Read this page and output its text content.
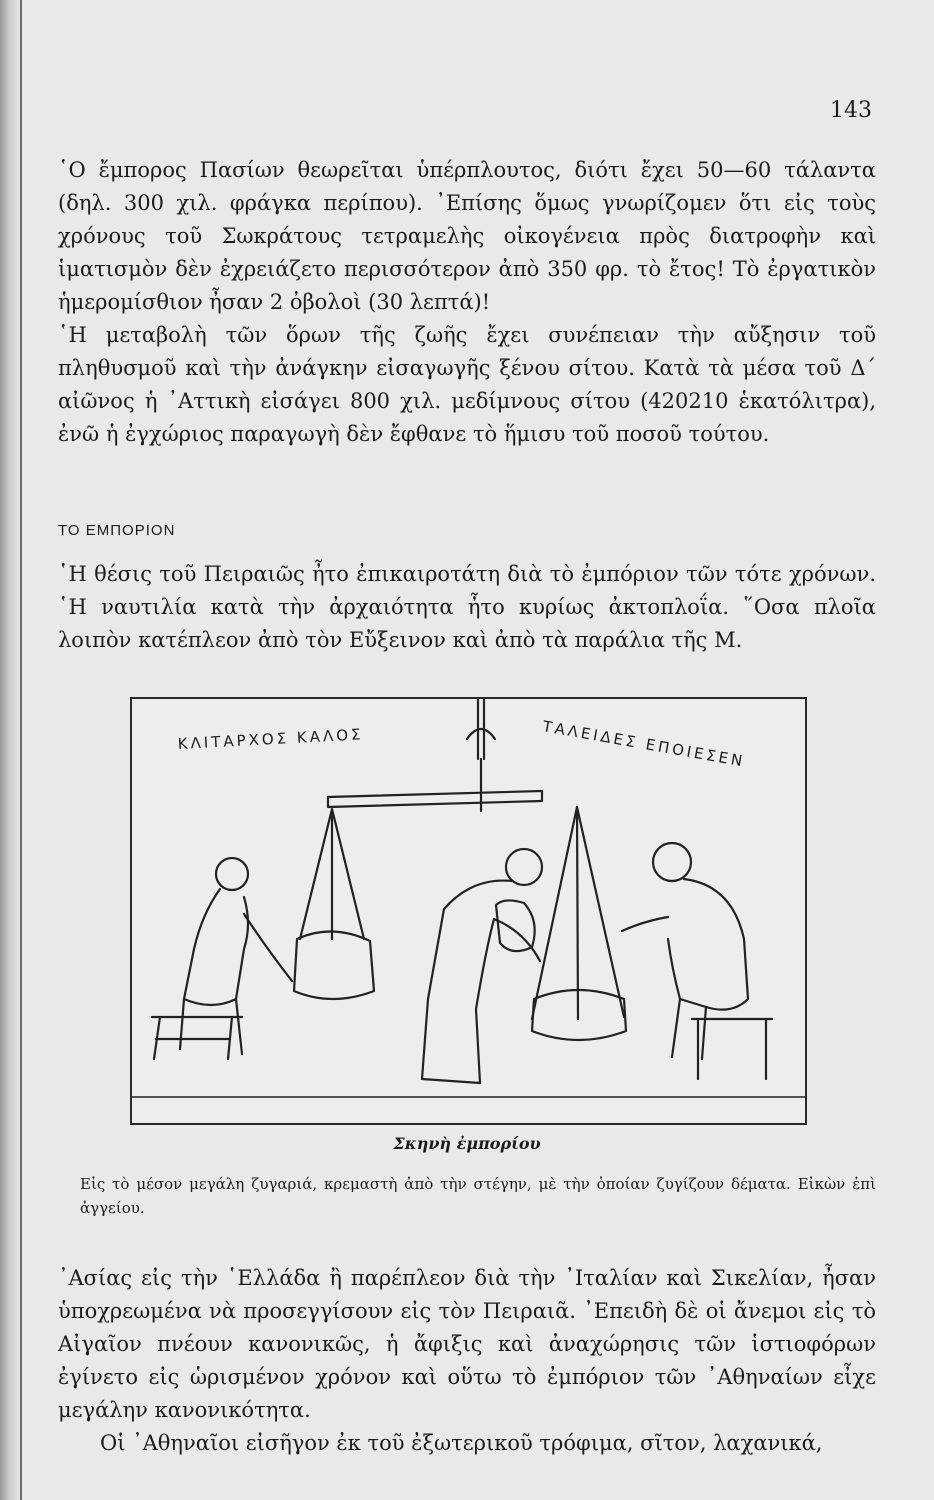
143

῾Ο ἔμπορος Πασίων θεωρεῖται ὑπέρπλουτος, διότι ἔχει 50—60 τάλαντα (δηλ. 300 χιλ. φράγκα περίπου). ᾿Επίσης ὅμως γνωρίζομεν ὅτι εἰς τοὺς χρόνους τοῦ Σωκράτους τετραμελὴς οἰκογένεια πρὸς διατροφὴν καὶ ἱματισμὸν δὲν ἐχρειάζετο περισσότερον ἀπὸ 350 φρ. τὸ ἔτος! Τὸ ἐργατικὸν ἡμερομίσθιον ἦσαν 2 ὀβολοὶ (30 λεπτά)!

῾Η μεταβολὴ τῶν ὅρων τῆς ζωῆς ἔχει συνέπειαν τὴν αὔξησιν τοῦ πληθυσμοῦ καὶ τὴν ἀνάγκην εἰσαγωγῆς ξένου σίτου. Κατὰ τὰ μέσα τοῦ Δ΄ αἰῶνος ἡ ᾿Αττικὴ εἰσάγει 800 χιλ. μεδίμνους σίτου (420210 ἑκατόλιτρα), ἐνῶ ἡ ἐγχώριος παραγωγὴ δὲν ἔφθανε τὸ ἥμισυ τοῦ ποσοῦ τούτου.

ΤΟ ΕΜΠΟΡΙΟΝ

῾Η θέσις τοῦ Πειραιῶς ἦτο ἐπικαιροτάτη διὰ τὸ ἐμπόριον τῶν τότε χρόνων. ῾Η ναυτιλία κατὰ τὴν ἀρχαιότητα ἦτο κυρίως ἀκτοπλοΐα. ῞Οσα πλοῖα λοιπὸν κατέπλεον ἀπὸ τὸν Εὔξεινον καὶ ἀπὸ τὰ παράλια τῆς Μ.

ΚΛΙΤΑΡΧΟΣ ΚΑΛΟΣ	ΤΑΛΕΙΔΕΣ ΕΠΟΙΕΣΕΝ
Σκηνὴ ἐμπορίου
Εἰς τὸ μέσον μεγάλη ζυγαριά, κρεμαστὴ ἀπὸ τὴν στέγην, μὲ τὴν ὁποίαν ζυγίζουν δέματα. Εἰκὼν ἐπὶ ἀγγείου.

᾿Ασίας εἰς τὴν ῾Ελλάδα ἢ παρέπλεον διὰ τὴν ᾿Ιταλίαν καὶ Σικελίαν, ἦσαν ὑποχρεωμένα νὰ προσεγγίσουν εἰς τὸν Πειραιᾶ. ᾿Επειδὴ δὲ οἱ ἄνεμοι εἰς τὸ Αἰγαῖον πνέουν κανονικῶς, ἡ ἄφιξις καὶ ἀναχώρησις τῶν ἱστιοφόρων ἐγίνετο εἰς ὡρισμένον χρόνον καὶ οὕτω τὸ ἐμπόριον τῶν ᾿Αθηναίων εἶχε μεγάλην κανονικότητα.

Οἱ ᾿Αθηναῖοι εἰσῆγον ἐκ τοῦ ἐξωτερικοῦ τρόφιμα, σῖτον, λαχανικά,
